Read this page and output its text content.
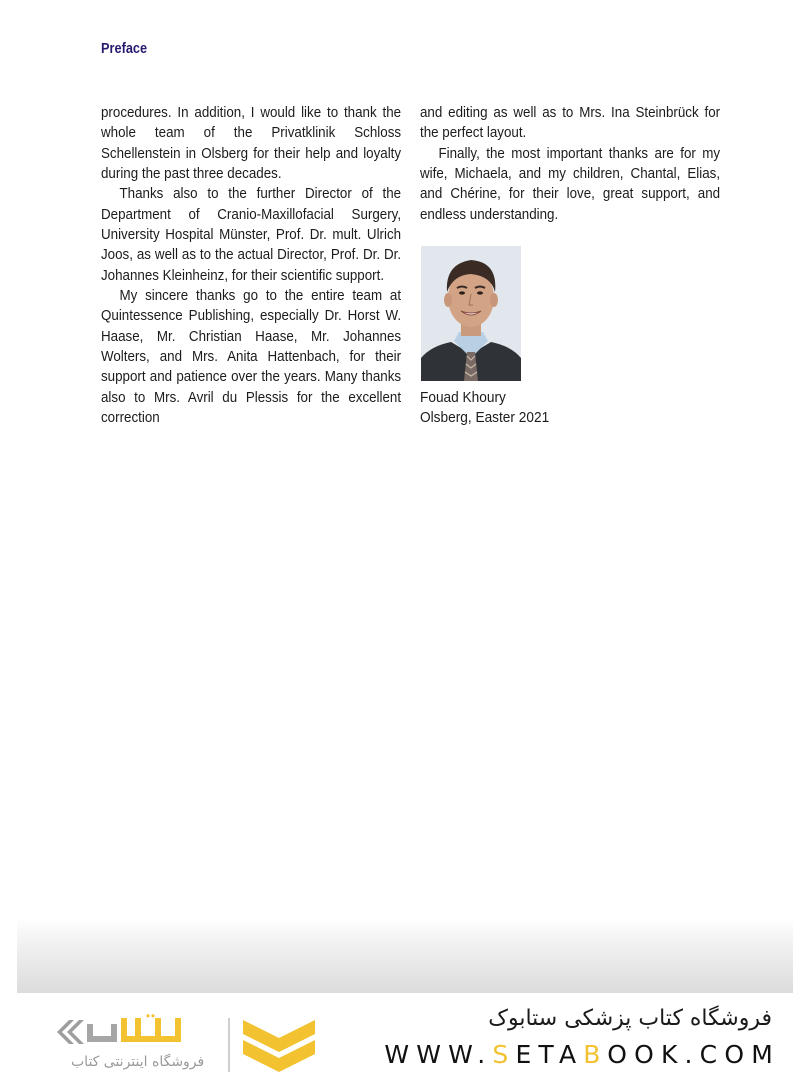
Preface

procedures. In addition, I would like to thank the whole team of the Privatklinik Schloss Schellenstein in Olsberg for their help and loyalty during the past three decades.

Thanks also to the further Director of the Department of Cranio-Maxillofacial Surgery, University Hospital Münster, Prof. Dr. mult. Ulrich Joos, as well as to the actual Director, Prof. Dr. Dr. Johannes Kleinheinz, for their scientific support.

My sincere thanks go to the entire team at Quintessence Publishing, especially Dr. Horst W. Haase, Mr. Christian Haase, Mr. Johannes Wolters, and Mrs. Anita Hattenbach, for their support and patience over the years. Many thanks also to Mrs. Avril du Plessis for the excellent correction

and editing as well as to Mrs. Ina Steinbrück for the perfect layout.

Finally, the most important thanks are for my wife, Michaela, and my children, Chantal, Elias, and Chérine, for their love, great support, and endless understanding.

Fouad Khoury
Olsberg, Easter 2021
فروشگاه اینترنتی کتاب
فروشگاه کتاب پزشکی ستابوک
WWW.SETABOOK.COM
